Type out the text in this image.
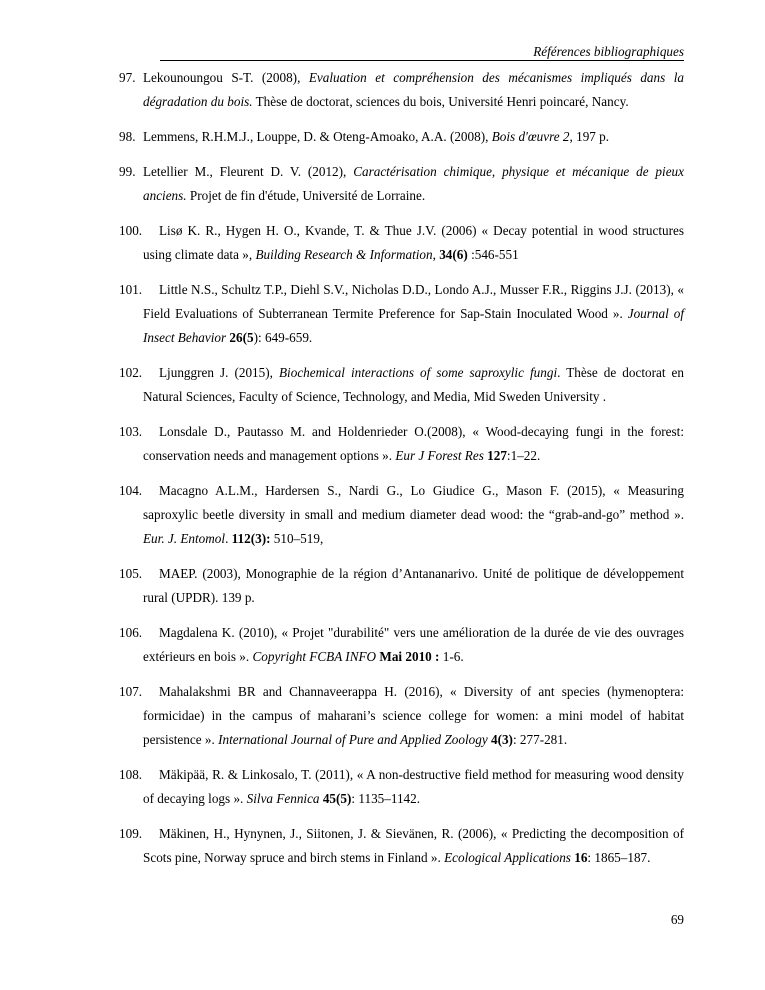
Références bibliographiques
97. Lekounoungou S-T. (2008), Evaluation et compréhension des mécanismes impliqués dans la dégradation du bois. Thèse de doctorat, sciences du bois, Université Henri poincaré, Nancy.
98. Lemmens, R.H.M.J., Louppe, D. & Oteng-Amoako, A.A. (2008), Bois d'œuvre 2, 197 p.
99. Letellier M., Fleurent D. V. (2012), Caractérisation chimique, physique et mécanique de pieux anciens. Projet de fin d'étude, Université de Lorraine.
100. Lisø K. R., Hygen H. O., Kvande, T. & Thue J.V. (2006) « Decay potential in wood structures using climate data », Building Research & Information, 34(6) :546-551
101. Little N.S., Schultz T.P., Diehl S.V., Nicholas D.D., Londo A.J., Musser F.R., Riggins J.J. (2013), « Field Evaluations of Subterranean Termite Preference for Sap-Stain Inoculated Wood ». Journal of Insect Behavior 26(5): 649-659.
102. Ljunggren J. (2015), Biochemical interactions of some saproxylic fungi. Thèse de doctorat en Natural Sciences, Faculty of Science, Technology, and Media, Mid Sweden University .
103. Lonsdale D., Pautasso M. and Holdenrieder O.(2008), « Wood-decaying fungi in the forest: conservation needs and management options ». Eur J Forest Res 127:1–22.
104. Macagno A.L.M., Hardersen S., Nardi G., Lo Giudice G., Mason F. (2015), « Measuring saproxylic beetle diversity in small and medium diameter dead wood: the “grab-and-go” method ». Eur. J. Entomol. 112(3): 510–519,
105. MAEP. (2003), Monographie de la région d’Antananarivo. Unité de politique de développement rural (UPDR). 139 p.
106. Magdalena K. (2010), « Projet "durabilité" vers une amélioration de la durée de vie des ouvrages extérieurs en bois ». Copyright FCBA INFO Mai 2010 : 1-6.
107. Mahalakshmi BR and Channaveerappa H. (2016), « Diversity of ant species (hymenoptera: formicidae) in the campus of maharani’s science college for women: a mini model of habitat persistence ». International Journal of Pure and Applied Zoology 4(3): 277-281.
108. Mäkipää, R. & Linkosalo, T. (2011), « A non-destructive field method for measuring wood density of decaying logs ». Silva Fennica 45(5): 1135–1142.
109. Mäkinen, H., Hynynen, J., Siitonen, J. & Sievänen, R. (2006), « Predicting the decomposition of Scots pine, Norway spruce and birch stems in Finland ». Ecological Applications 16: 1865–187.
69
